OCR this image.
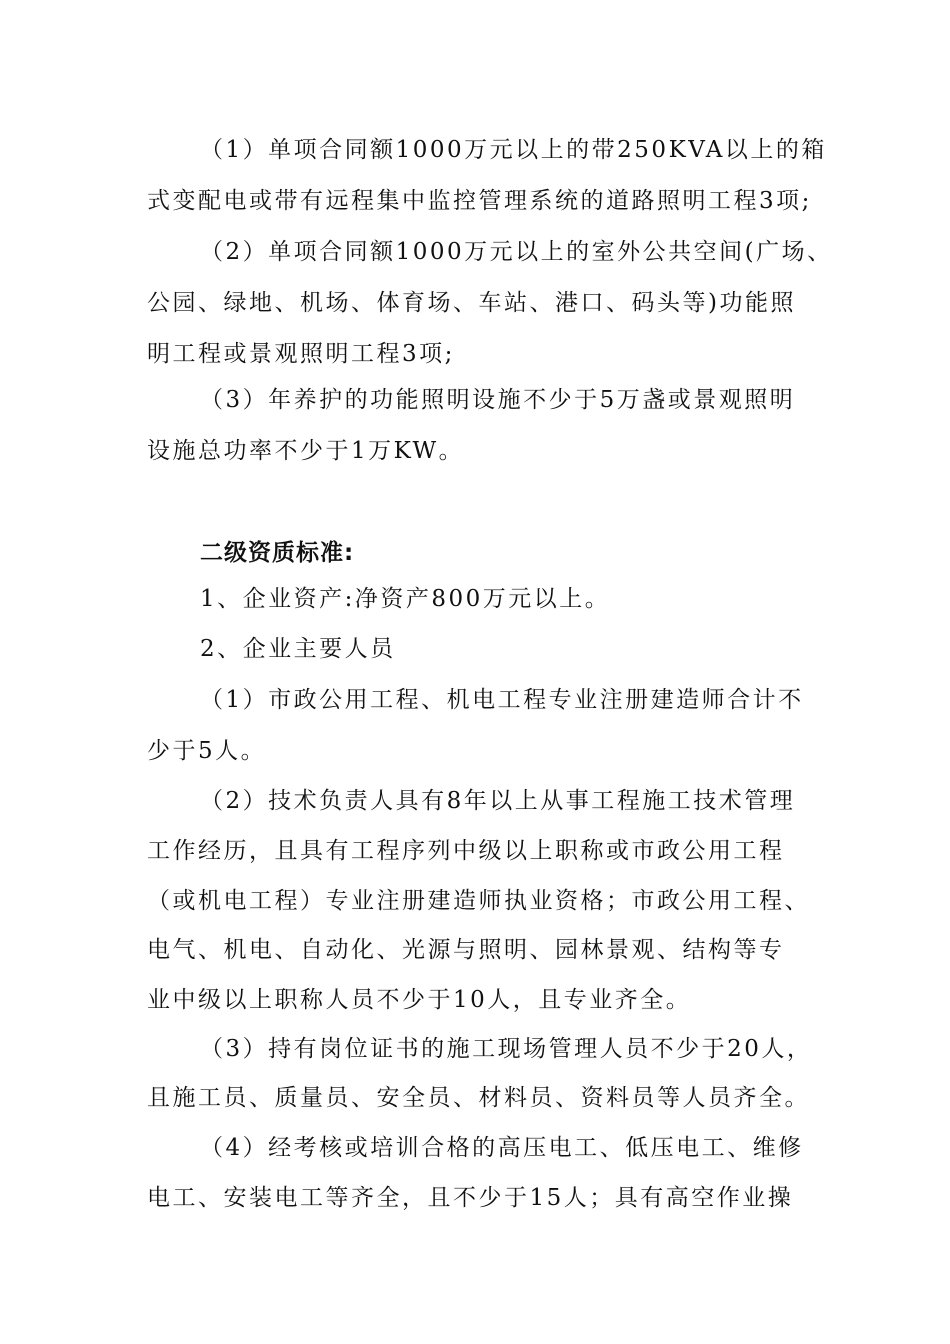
（1）单项合同额1000万元以上的带250KVA以上的箱
式变配电或带有远程集中监控管理系统的道路照明工程3项;
（2）单项合同额1000万元以上的室外公共空间(广场、
公园、绿地、机场、体育场、车站、港口、码头等)功能照
明工程或景观照明工程3项;
（3）年养护的功能照明设施不少于5万盏或景观照明
设施总功率不少于1万KW。
二级资质标准:
1、企业资产:净资产800万元以上。
2、企业主要人员
（1）市政公用工程、机电工程专业注册建造师合计不
少于5人。
（2）技术负责人具有8年以上从事工程施工技术管理
工作经历，且具有工程序列中级以上职称或市政公用工程
（或机电工程）专业注册建造师执业资格；市政公用工程、
电气、机电、自动化、光源与照明、园林景观、结构等专
业中级以上职称人员不少于10人，且专业齐全。
（3）持有岗位证书的施工现场管理人员不少于20人，
且施工员、质量员、安全员、材料员、资料员等人员齐全。
（4）经考核或培训合格的高压电工、低压电工、维修
电工、安装电工等齐全，且不少于15人；具有高空作业操
